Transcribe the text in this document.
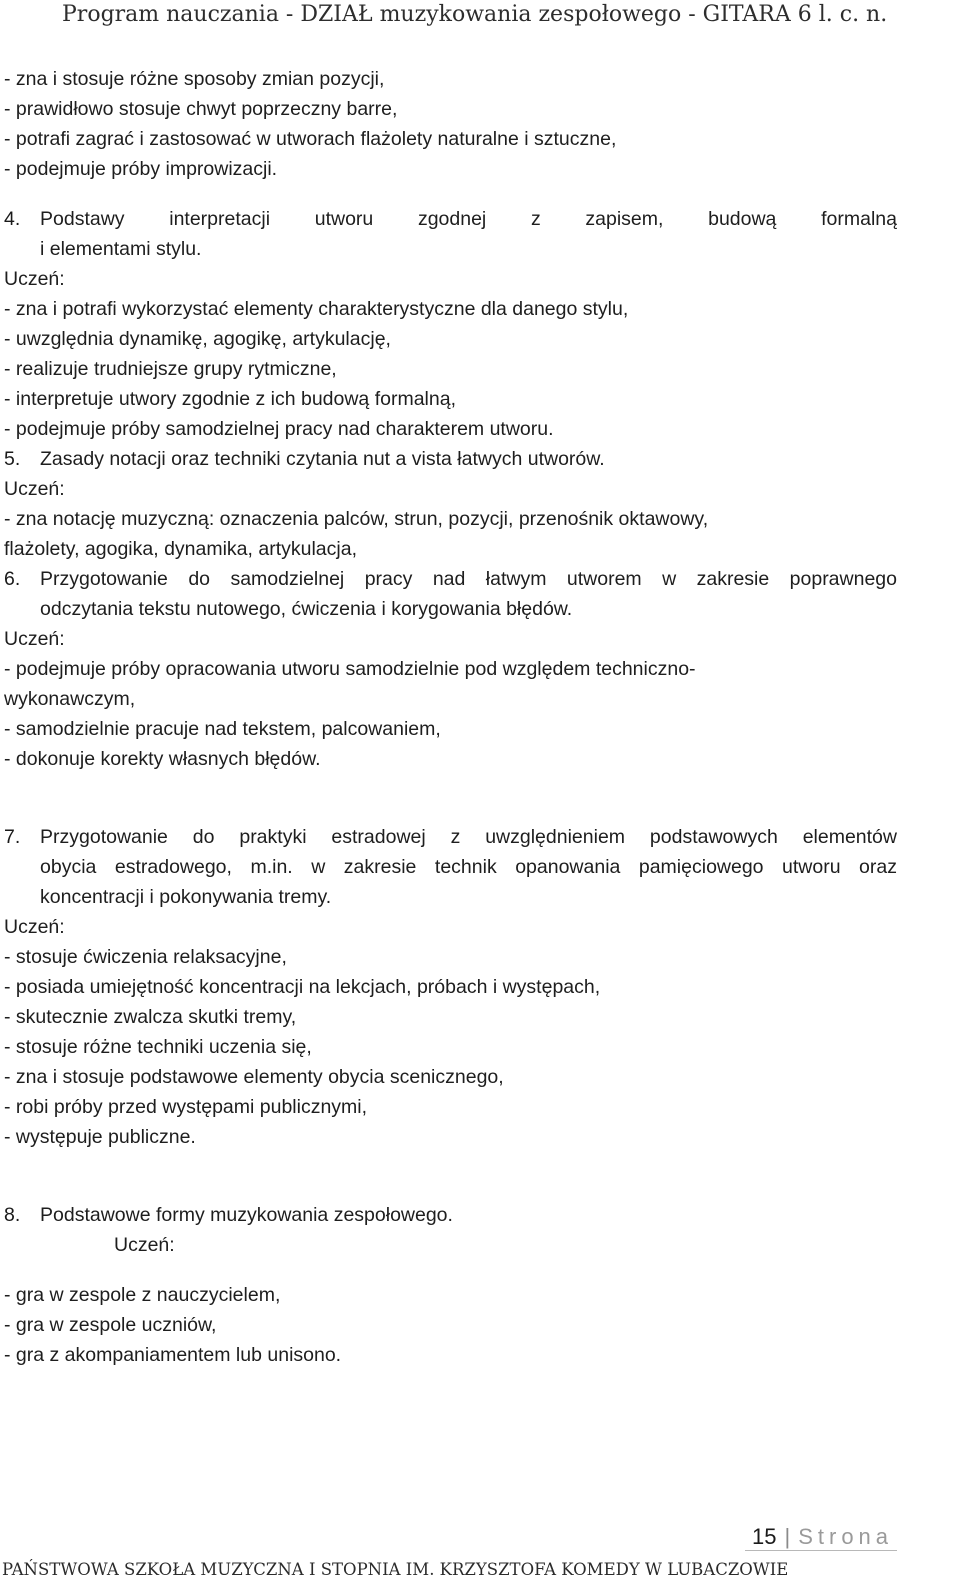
Program nauczania - DZIAŁ muzykowania zespołowego - GITARA 6 l. c. n.
- zna i stosuje różne sposoby zmian pozycji,
- prawidłowo stosuje chwyt poprzeczny barre,
- potrafi zagrać i zastosować w utworach flażolety naturalne i sztuczne,
- podejmuje próby improwizacji.
4. Podstawy interpretacji utworu zgodnej z zapisem, budową formalną
i elementami stylu.
Uczeń:
- zna i potrafi wykorzystać elementy charakterystyczne dla danego stylu,
- uwzględnia dynamikę, agogikę, artykulację,
- realizuje trudniejsze grupy rytmiczne,
- interpretuje utwory zgodnie z ich budową formalną,
- podejmuje próby samodzielnej pracy nad charakterem utworu.
5. Zasady notacji oraz techniki czytania nut a vista łatwych utworów.
Uczeń:
- zna notację muzyczną: oznaczenia palców, strun, pozycji, przenośnik oktawowy,
flażolety, agogika, dynamika, artykulacja,
6. Przygotowanie do samodzielnej pracy nad łatwym utworem w zakresie poprawnego
odczytania tekstu nutowego, ćwiczenia i korygowania błędów.
Uczeń:
- podejmuje próby opracowania utworu samodzielnie pod względem techniczno-
wykonawczym,
- samodzielnie pracuje nad tekstem, palcowaniem,
- dokonuje korekty własnych błędów.
7. Przygotowanie do praktyki estradowej z uwzględnieniem podstawowych elementów
obycia estradowego, m.in. w zakresie technik opanowania pamięciowego utworu oraz
koncentracji i pokonywania tremy.
Uczeń:
- stosuje ćwiczenia relaksacyjne,
- posiada umiejętność koncentracji na lekcjach, próbach i występach,
- skutecznie zwalcza skutki tremy,
- stosuje różne techniki uczenia się,
- zna i stosuje podstawowe elementy obycia scenicznego,
- robi próby przed występami publicznymi,
- występuje publiczne.
8. Podstawowe formy muzykowania zespołowego.
Uczeń:
- gra w zespole z nauczycielem,
- gra w zespole uczniów,
- gra z akompaniamentem lub unisono.
15 | Strona
PAŃSTWOWA SZKOŁA MUZYCZNA I STOPNIA IM. KRZYSZTOFA KOMEDY W LUBACZOWIE
